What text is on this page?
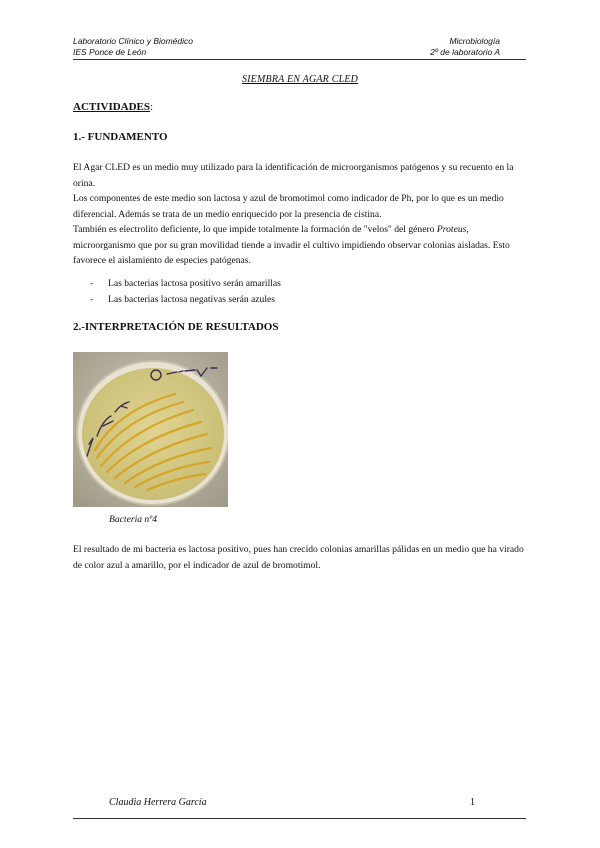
Laboratorio Clínico y Biomédico
IES Ponce de León
Microbiología
2º de laboratorio A
SIEMBRA EN AGAR CLED
ACTIVIDADES:
1.- FUNDAMENTO

El Agar CLED es un medio muy utilizado para la identificación de microorganismos patógenos y su recuento en la orina.

Los componentes de este medio son lactosa y azul de bromotimol como indicador de Ph, por lo que es un medio diferencial. Además se trata de un medio enriquecido por la presencia de cistina.

También es electrolito deficiente, lo que impide totalmente la formación de "velos" del género Proteus, microorganismo que por su gran movilidad tiende a invadir el cultivo impidiendo observar colonias aisladas. Esto favorece el aislamiento de especies patógenas.

-	Las bacterias lactosa positivo serán amarillas
-	Las bacterias lactosa negativas serán azules
2.-INTERPRETACIÓN DE RESULTADOS
Bacteria nº4

El resultado de mi bacteria es lactosa positivo, pues han crecido colonias amarillas pálidas en un medio que ha virado de color azul a amarillo, por el indicador de azul de bromotimol.

Claudia Herrera García	1
